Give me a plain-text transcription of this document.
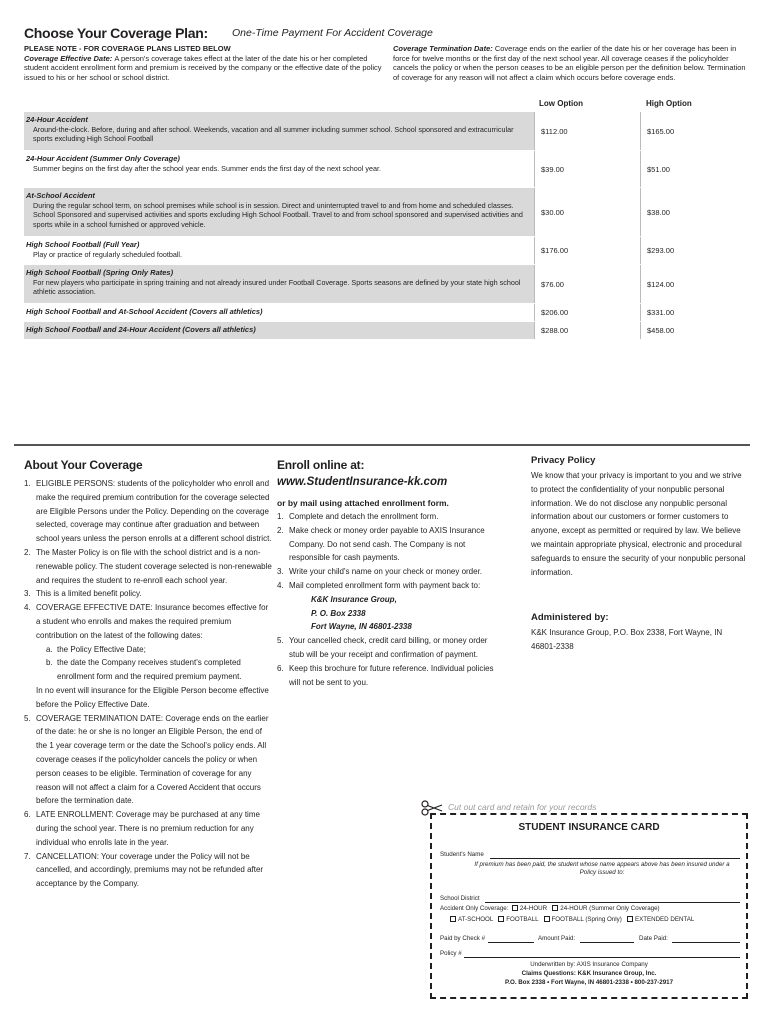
Choose Your Coverage Plan: One-Time Payment For Accident Coverage
PLEASE NOTE - FOR COVERAGE PLANS LISTED BELOW
Coverage Effective Date: A person's coverage takes effect at the later of the date his or her completed student accident enrollment form and premium is received by the company or the effective date of the policy issued to his or her school or school district.
Coverage Termination Date: Coverage ends on the earlier of the date his or her coverage has been in force for twelve months or the first day of the next school year. All coverage ceases if the policyholder cancels the policy or when the person ceases to be an eligible person per the definition below. Termination of coverage for any reason will not affect a claim which occurs before coverage ends.
Low Option	High Option
24-Hour Accident
Around-the-clock. Before, during and after school. Weekends, vacation and all summer including summer school. School sponsored and extracurricular sports excluding High School Football
$112.00	$165.00
24-Hour Accident (Summer Only Coverage)
Summer begins on the first day after the school year ends. Summer ends the first day of the next school year.	$39.00	$51.00
At-School Accident
During the regular school term, on school premises while school is in session. Direct and uninterrupted travel to and from home and scheduled classes. School Sponsored and supervised activities and sports excluding High School Football. Travel to and from school sponsored and supervised activities and sports while in a school furnished or approved vehicle.
$30.00	$38.00
High School Football (Full Year)
Play or practice of regularly scheduled football.	$176.00	$293.00
High School Football (Spring Only Rates)
For new players who participate in spring training and not already insured under Football Coverage. Sports seasons are defined by your state high school athletic association.
$76.00	$124.00
High School Football and At-School Accident (Covers all athletics)	$206.00	$331.00
High School Football and 24-Hour Accident (Covers all athletics)	$288.00	$458.00
About Your Coverage
1. ELIGIBLE PERSONS: students of the policyholder who enroll and make the required premium contribution for the coverage selected are Eligible Persons under the Policy. Depending on the coverage selected, coverage may continue after graduation and between school years unless the person enrolls at a different school district.
2. The Master Policy is on file with the school district and is a non-renewable policy. The student coverage selected is non-renewable and requires the student to re-enroll each school year.
3. This is a limited benefit policy.
4. COVERAGE EFFECTIVE DATE: Insurance becomes effective for a student who enrolls and makes the required premium contribution on the latest of the following dates:
a. the Policy Effective Date;
b. the date the Company receives student's completed enrollment form and the required premium payment.
In no event will insurance for the Eligible Person become effective before the Policy Effective Date.
5. COVERAGE TERMINATION DATE: Coverage ends on the earlier of the date: he or she is no longer an Eligible Person, the end of the 1 year coverage term or the date the School's policy ends. All coverage ceases if the policyholder cancels the policy or when person ceases to be eligible. Termination of coverage for any reason will not affect a claim for a Covered Accident that occurs before the termination date.
6. LATE ENROLLMENT: Coverage may be purchased at any time during the school year. There is no premium reduction for any individual who enrolls late in the year.
7. CANCELLATION: Your coverage under the Policy will not be cancelled, and accordingly, premiums may not be refunded after acceptance by the Company.
Enroll online at:
www.StudentInsurance-kk.com
or by mail using attached enrollment form.
1. Complete and detach the enrollment form.
2. Make check or money order payable to AXIS Insurance Company. Do not send cash. The Company is not responsible for cash payments.
3. Write your child's name on your check or money order.
4. Mail completed enrollment form with payment back to:
K&K Insurance Group,
P. O. Box 2338
Fort Wayne, IN 46801-2338
5. Your cancelled check, credit card billing, or money order stub will be your receipt and confirmation of payment.
6. Keep this brochure for future reference. Individual policies will not be sent to you.
Privacy Policy

We know that your privacy is important to you and we strive to protect the confidentiality of your nonpublic personal information. We do not disclose any nonpublic personal information about our customers or former customers to anyone, except as permitted or required by law. We believe we maintain appropriate physical, electronic and procedural safeguards to ensure the security of your nonpublic personal information.

Administered by:

K&K Insurance Group, P.O. Box 2338, Fort Wayne, IN 46801-2338

Cut out card and retain for your records
STUDENT INSURANCE CARD
Student's Name
If premium has been paid, the student whose name appears above has been insured under a Policy issued to:
School District
Accident Only Coverage: 24-HOUR 24-HOUR (Summer Only Coverage)
AT-SCHOOL FOOTBALL FOOTBALL (Spring Only) EXTENDED DENTAL
Paid by Check #	Amount Paid:	Date Paid:
Policy #
Underwritten by: AXIS Insurance Company
Claims Questions: K&K Insurance Group, Inc.
P.O. Box 2338 • Fort Wayne, IN 46801-2338 • 800-237-2917
